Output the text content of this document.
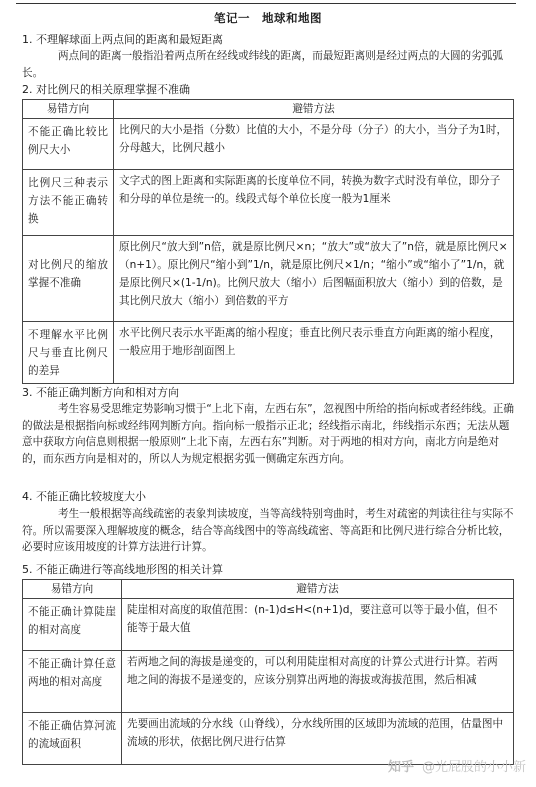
笔记一　地球和地图
1. 不理解球面上两点间的距离和最短距离
两点间的距离一般指沿着两点所在经线或纬线的距离，而最短距离则是经过两点的大圆的劣弧弧长。
2. 对比例尺的相关原理掌握不准确
易错方向	避错方法
不能正确比较比例尺大小	比例尺的大小是指（分数）比值的大小，不是分母（分子）的大小，当分子为1时，分母越大，比例尺越小
比例尺三种表示方法不能正确转换	文字式的图上距离和实际距离的长度单位不同，转换为数字式时没有单位，即分子和分母的单位是统一的。线段式每个单位长度一般为1厘米
对比例尺的缩放掌握不准确	原比例尺“放大到”n倍，就是原比例尺×n；“放大”或“放大了”n倍，就是原比例尺×（n+1）。原比例尺“缩小到”1/n，就是原比例尺×1/n；“缩小”或“缩小了”1/n，就是原比例尺×(1-1/n)。比例尺放大（缩小）后图幅面积放大（缩小）到的倍数，是其比例尺放大（缩小）到倍数的平方
不理解水平比例尺与垂直比例尺的差异	水平比例尺表示水平距离的缩小程度；垂直比例尺表示垂直方向距离的缩小程度，一般应用于地形剖面图上
3. 不能正确判断方向和相对方向
考生容易受思维定势影响习惯于“上北下南，左西右东”，忽视图中所给的指向标或者经纬线。正确的做法是根据指向标或经纬网判断方向。指向标一般指示正北；经线指示南北，纬线指示东西；无法从题意中获取方向信息则根据一般原则“上北下南，左西右东”判断。对于两地的相对方向，南北方向是绝对的，而东西方向是相对的，所以人为规定根据劣弧一侧确定东西方向。
4. 不能正确比较坡度大小
考生一般根据等高线疏密的表象判读坡度，当等高线特别弯曲时，考生对疏密的判读往往与实际不符。所以需要深入理解坡度的概念，结合等高线图中的等高线疏密、等高距和比例尺进行综合分析比较，必要时应该用坡度的计算方法进行计算。
5. 不能正确进行等高线地形图的相关计算
易错方向	避错方法
不能正确计算陡崖的相对高度	陡崖相对高度的取值范围：(n-1)d≤H<(n+1)d，要注意可以等于最小值，但不能等于最大值
不能正确计算任意两地的相对高度	若两地之间的海拔是递变的，可以利用陡崖相对高度的计算公式进行计算。若两地之间的海拔不是递变的，应该分别算出两地的海拔或海拔范围，然后相减
不能正确估算河流的流域面积	先要画出流域的分水线（山脊线），分水线所围的区域即为流域的范围，估量图中流域的形状，依据比例尺进行估算
知乎 @光屁股的小小新
